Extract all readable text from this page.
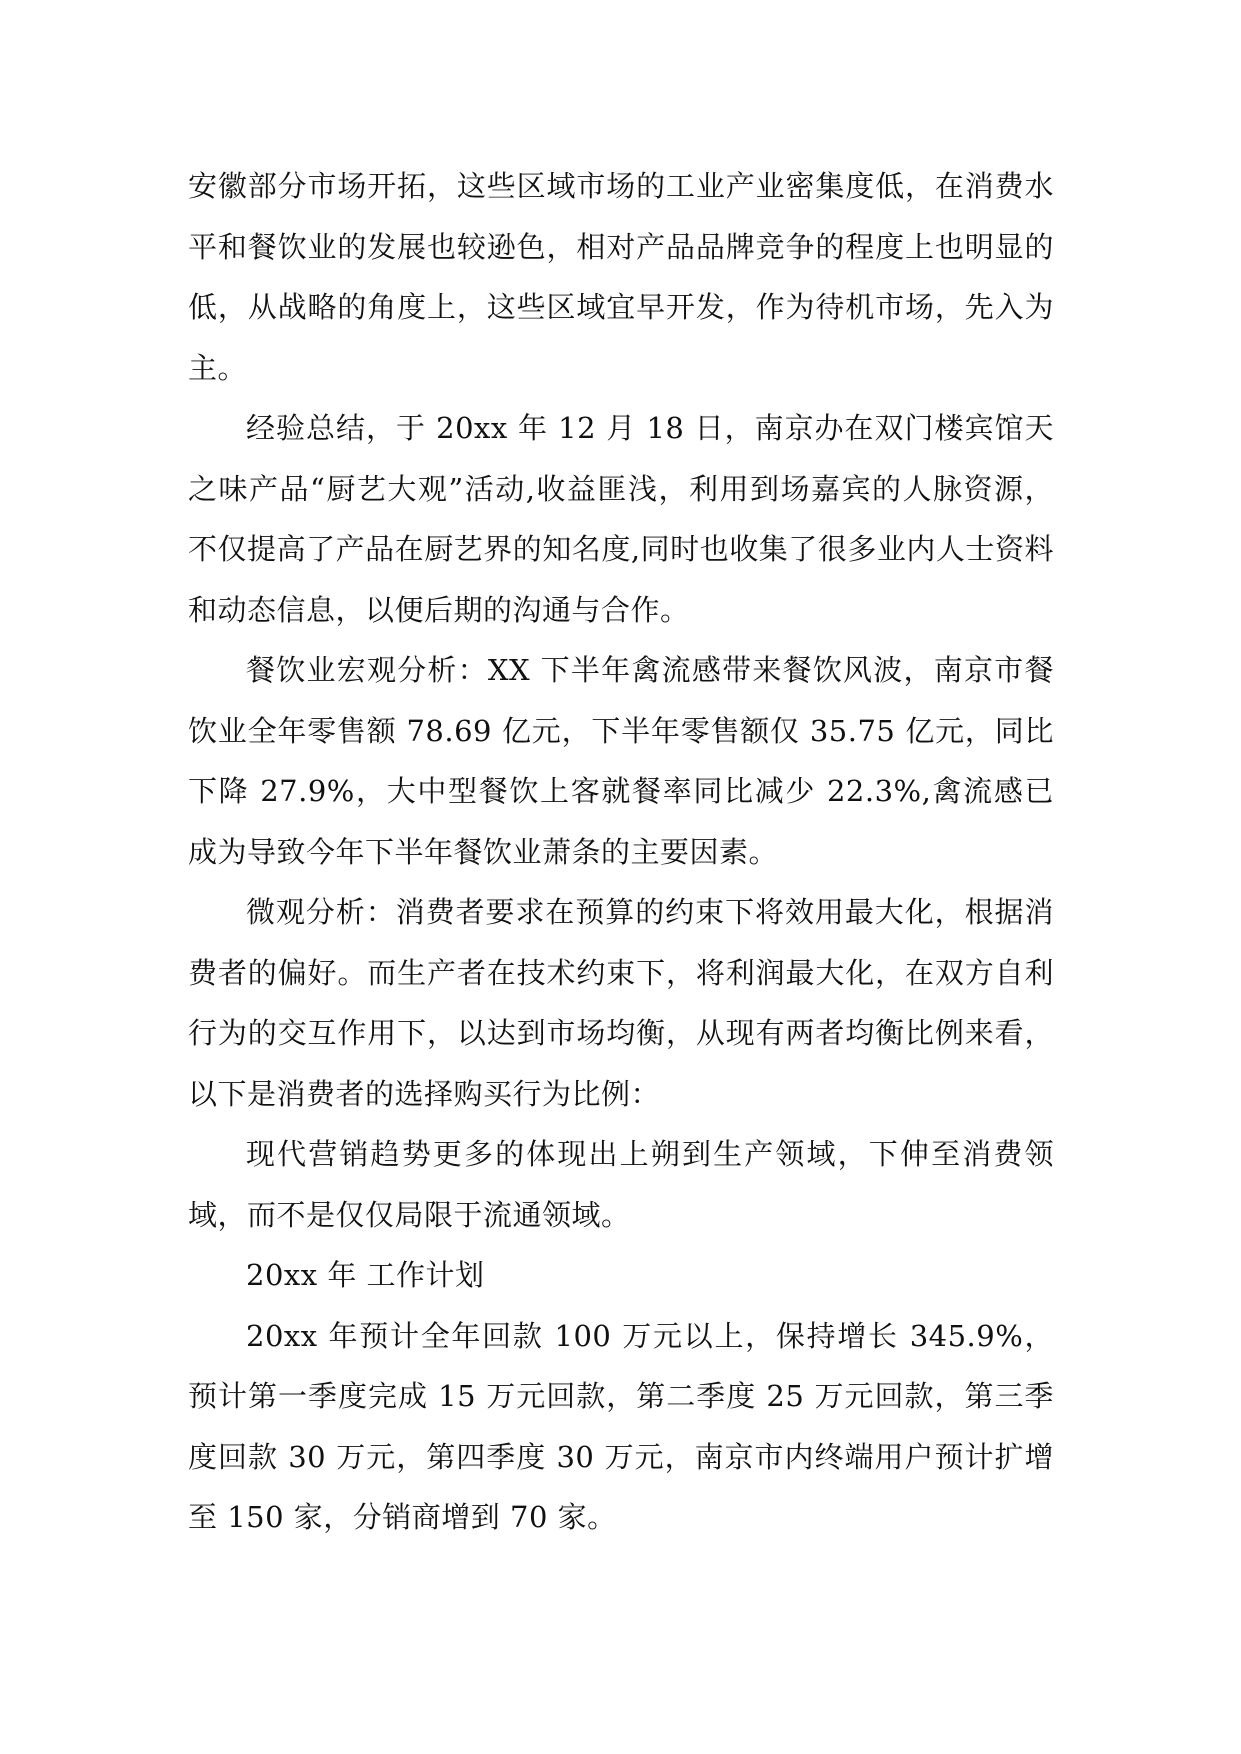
安徽部分市场开拓，这些区域市场的工业产业密集度低，在消费水平和餐饮业的发展也较逊色，相对产品品牌竞争的程度上也明显的低，从战略的角度上，这些区域宜早开发，作为待机市场，先入为主。

经验总结，于 20xx 年 12 月 18 日，南京办在双门楼宾馆天之味产品“厨艺大观”活动,收益匪浅，利用到场嘉宾的人脉资源，不仅提高了产品在厨艺界的知名度,同时也收集了很多业内人士资料和动态信息，以便后期的沟通与合作。

餐饮业宏观分析：XX 下半年禽流感带来餐饮风波，南京市餐饮业全年零售额 78.69 亿元，下半年零售额仅 35.75 亿元，同比下降 27.9%，大中型餐饮上客就餐率同比减少 22.3%,禽流感已成为导致今年下半年餐饮业萧条的主要因素。

微观分析：消费者要求在预算的约束下将效用最大化，根据消费者的偏好。而生产者在技术约束下，将利润最大化，在双方自利行为的交互作用下，以达到市场均衡，从现有两者均衡比例来看，以下是消费者的选择购买行为比例：

现代营销趋势更多的体现出上朔到生产领域，下伸至消费领域，而不是仅仅局限于流通领域。

20xx 年 工作计划

20xx 年预计全年回款 100 万元以上，保持增长 345.9%，预计第一季度完成 15 万元回款，第二季度 25 万元回款，第三季度回款 30 万元，第四季度 30 万元，南京市内终端用户预计扩增至 150 家，分销商增到 70 家。
